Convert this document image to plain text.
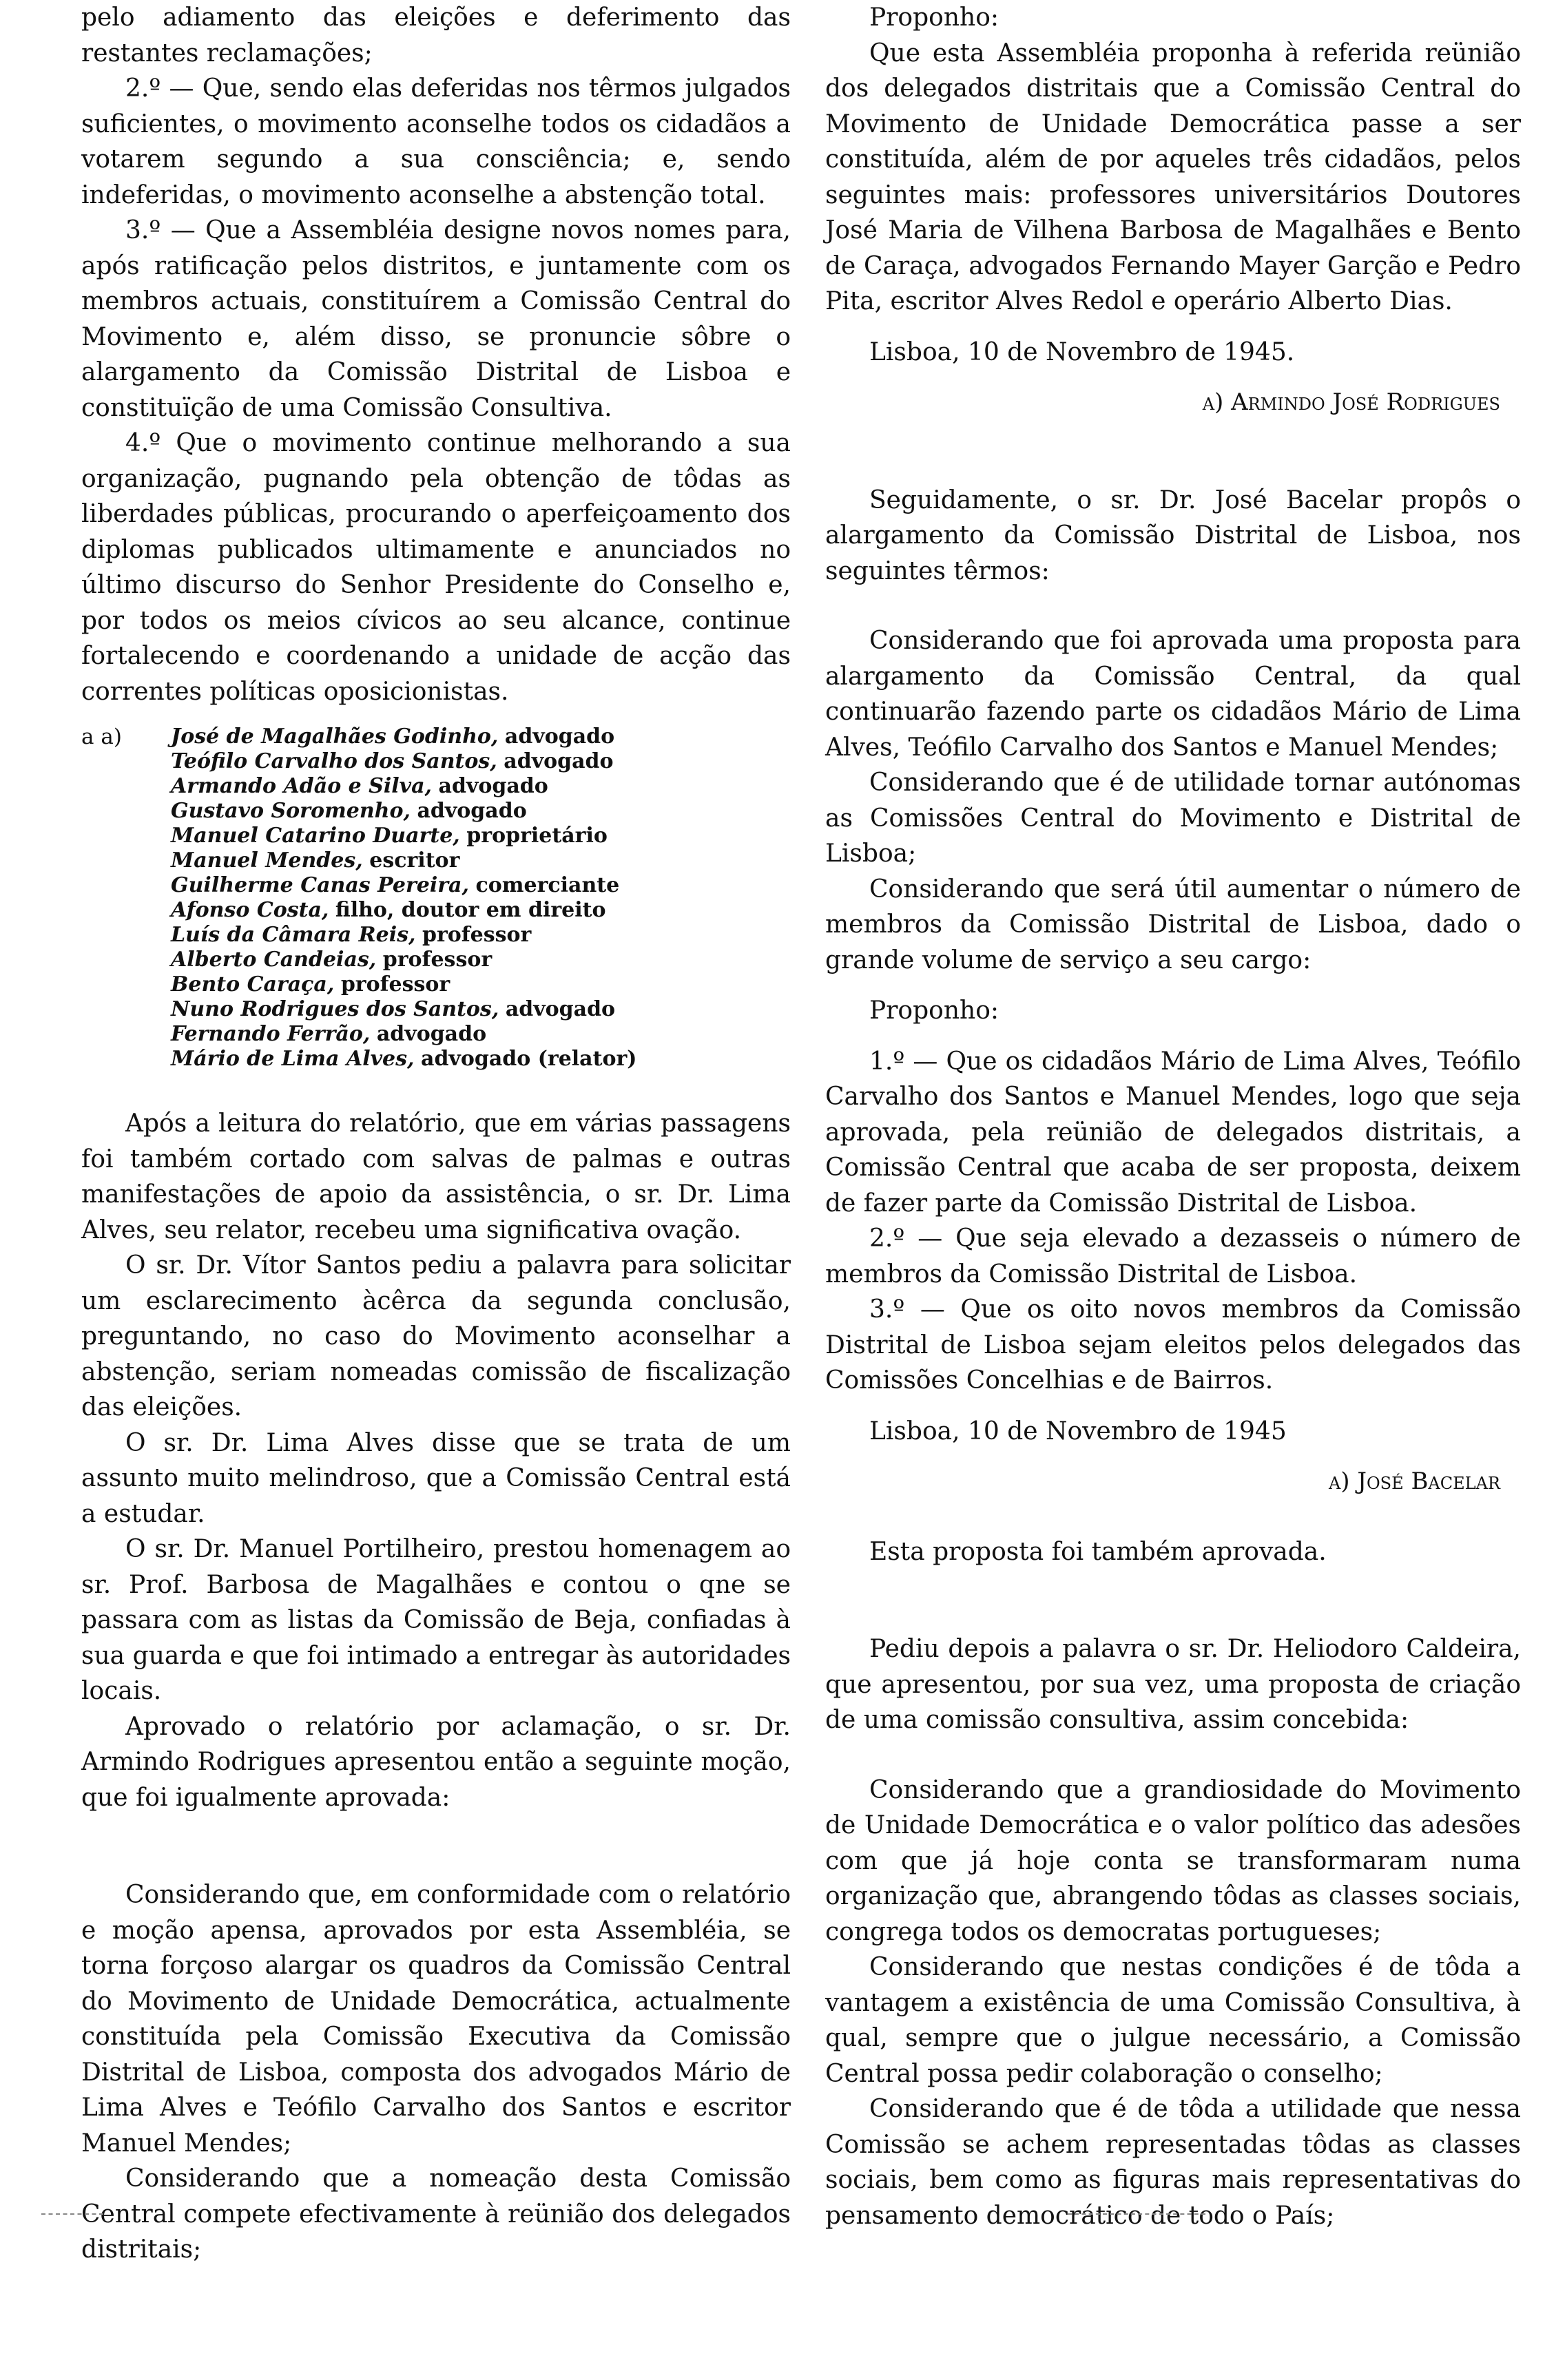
pelo adiamento das eleições e deferimento das restantes reclamações;

2.º — Que, sendo elas deferidas nos têrmos julgados suficientes, o movimento aconselhe todos os cidadãos a votarem segundo a sua consciência; e, sendo indeferidas, o movimento aconselhe a abstenção total.

3.º — Que a Assembléia designe novos nomes para, após ratificação pelos distritos, e juntamente com os membros actuais, constituírem a Comissão Central do Movimento e, além disso, se pronuncie sôbre o alargamento da Comissão Distrital de Lisboa e constituïção de uma Comissão Consultiva.

4.º Que o movimento continue melhorando a sua organização, pugnando pela obtenção de tôdas as liberdades públicas, procurando o aperfeiçoamento dos diplomas publicados ultimamente e anunciados no último discurso do Senhor Presidente do Conselho e, por todos os meios cívicos ao seu alcance, continue fortalecendo e coordenando a unidade de acção das correntes políticas oposicionistas.

a a)	José de Magalhães Godinho, advogado
Teófilo Carvalho dos Santos, advogado
Armando Adão e Silva, advogado
Gustavo Soromenho, advogado
Manuel Catarino Duarte, proprietário
Manuel Mendes, escritor
Guilherme Canas Pereira, comerciante
Afonso Costa, filho, doutor em direito
Luís da Câmara Reis, professor
Alberto Candeias, professor
Bento Caraça, professor
Nuno Rodrigues dos Santos, advogado
Fernando Ferrão, advogado
Mário de Lima Alves, advogado (relator)

Após a leitura do relatório, que em várias passagens foi também cortado com salvas de palmas e outras manifestações de apoio da assistência, o sr. Dr. Lima Alves, seu relator, recebeu uma significativa ovação.

O sr. Dr. Vítor Santos pediu a palavra para solicitar um esclarecimento àcêrca da segunda conclusão, preguntando, no caso do Movimento aconselhar a abstenção, seriam nomeadas comissão de fiscalização das eleições.

O sr. Dr. Lima Alves disse que se trata de um assunto muito melindroso, que a Comissão Central está a estudar.

O sr. Dr. Manuel Portilheiro, prestou homenagem ao sr. Prof. Barbosa de Magalhães e contou o qne se passara com as listas da Comissão de Beja, confiadas à sua guarda e que foi intimado a entregar às autoridades locais.

Aprovado o relatório por aclamação, o sr. Dr. Armindo Rodrigues apresentou então a seguinte moção, que foi igualmente aprovada:

Considerando que, em conformidade com o relatório e moção apensa, aprovados por esta Assembléia, se torna forçoso alargar os quadros da Comissão Central do Movimento de Unidade Democrática, actualmente constituída pela Comissão Executiva da Comissão Distrital de Lisboa, composta dos advogados Mário de Lima Alves e Teófilo Carvalho dos Santos e escritor Manuel Mendes;

Considerando que a nomeação desta Comissão Central compete efectivamente à reünião dos delegados distritais;

Proponho:

Que esta Assembléia proponha à referida reünião dos delegados distritais que a Comissão Central do Movimento de Unidade Democrática passe a ser constituída, além de por aqueles três cidadãos, pelos seguintes mais: professores universitários Doutores José Maria de Vilhena Barbosa de Magalhães e Bento de Caraça, advogados Fernando Mayer Garção e Pedro Pita, escritor Alves Redol e operário Alberto Dias.

Lisboa, 10 de Novembro de 1945.

a) Armindo José Rodrigues

Seguidamente, o sr. Dr. José Bacelar propôs o alargamento da Comissão Distrital de Lisboa, nos seguintes têrmos:

Considerando que foi aprovada uma proposta para alargamento da Comissão Central, da qual continuarão fazendo parte os cidadãos Mário de Lima Alves, Teófilo Carvalho dos Santos e Manuel Mendes;

Considerando que é de utilidade tornar autónomas as Comissões Central do Movimento e Distrital de Lisboa;

Considerando que será útil aumentar o número de membros da Comissão Distrital de Lisboa, dado o grande volume de serviço a seu cargo:

Proponho:

1.º — Que os cidadãos Mário de Lima Alves, Teófilo Carvalho dos Santos e Manuel Mendes, logo que seja aprovada, pela reünião de delegados distritais, a Comissão Central que acaba de ser proposta, deixem de fazer parte da Comissão Distrital de Lisboa.

2.º — Que seja elevado a dezasseis o número de membros da Comissão Distrital de Lisboa.

3.º — Que os oito novos membros da Comissão Distrital de Lisboa sejam eleitos pelos delegados das Comissões Concelhias e de Bairros.

Lisboa, 10 de Novembro de 1945

a) José Bacelar

Esta proposta foi também aprovada.

Pediu depois a palavra o sr. Dr. Heliodoro Caldeira, que apresentou, por sua vez, uma proposta de criação de uma comissão consultiva, assim concebida:

Considerando que a grandiosidade do Movimento de Unidade Democrática e o valor político das adesões com que já hoje conta se transformaram numa organização que, abrangendo tôdas as classes sociais, congrega todos os democratas portugueses;

Considerando que nestas condições é de tôda a vantagem a existência de uma Comissão Consultiva, à qual, sempre que o julgue necessário, a Comissão Central possa pedir colaboração o conselho;

Considerando que é de tôda a utilidade que nessa Comissão se achem representadas tôdas as classes sociais, bem como as figuras mais representativas do pensamento democrático de todo o País;
